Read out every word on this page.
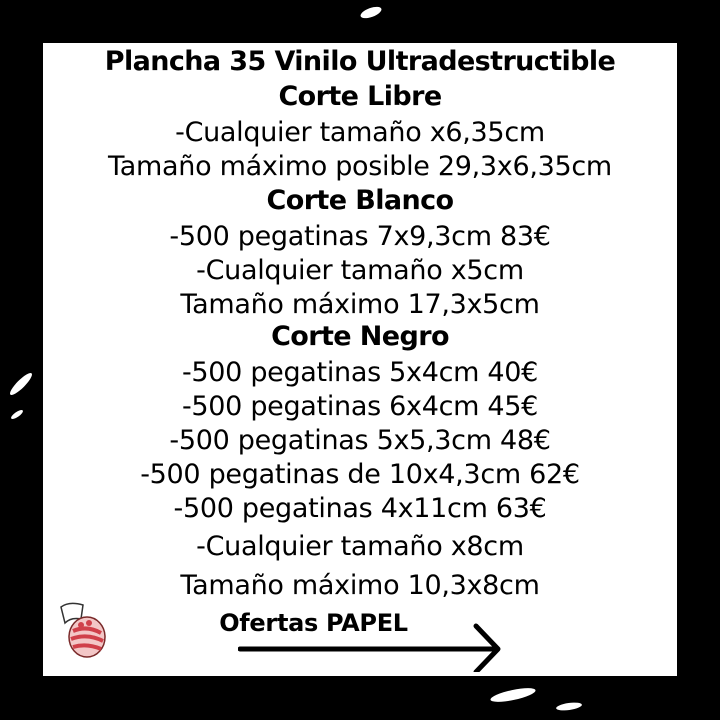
Plancha 35 Vinilo Ultradestructible
Corte Libre
-Cualquier tamaño x6,35cm
Tamaño máximo posible 29,3x6,35cm
Corte Blanco
-500 pegatinas 7x9,3cm 83€
-Cualquier tamaño x5cm
Tamaño máximo 17,3x5cm
Corte Negro
-500 pegatinas 5x4cm 40€
-500 pegatinas 6x4cm 45€
-500 pegatinas 5x5,3cm 48€
-500 pegatinas de 10x4,3cm 62€
-500 pegatinas 4x11cm 63€
-Cualquier tamaño x8cm
Tamaño máximo 10,3x8cm
Ofertas PAPEL
